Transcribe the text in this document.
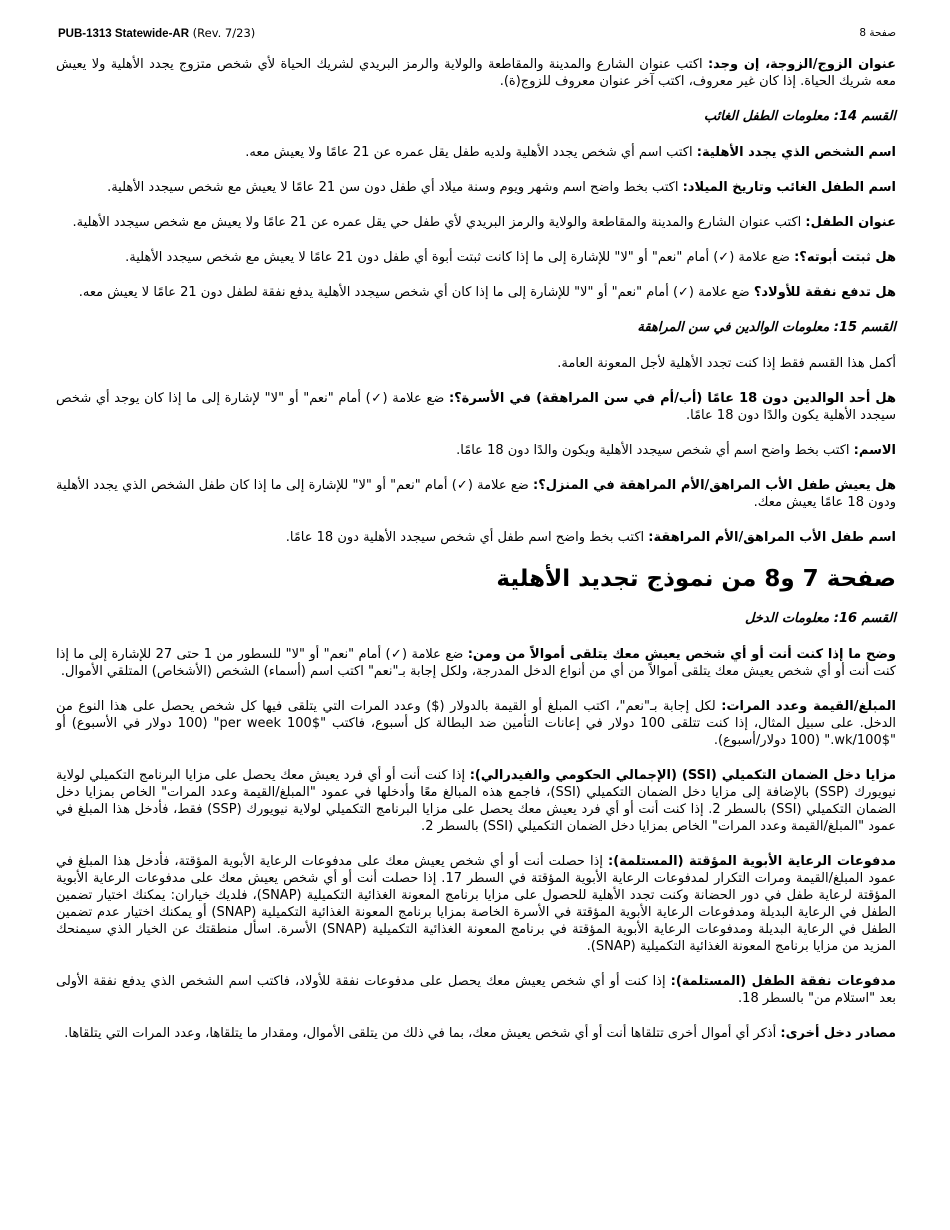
PUB-1313 Statewide-AR (Rev. 7/23)	صفحة 8

عنوان الزوج/الزوجة، إن وجد: اكتب عنوان الشارع والمدينة والمقاطعة والولاية والرمز البريدي لشريك الحياة لأي شخص متزوج يجدد الأهلية ولا يعيش معه شريك الحياة. إذا كان غير معروف، اكتب آخر عنوان معروف للزوج(ة).

القسم 14: معلومات الطفل الغائب

اسم الشخص الذي يجدد الأهلية: اكتب اسم أي شخص يجدد الأهلية ولديه طفل يقل عمره عن 21 عامًا ولا يعيش معه.

اسم الطفل الغائب وتاريخ الميلاد: اكتب بخط واضح اسم وشهر ويوم وسنة ميلاد أي طفل دون سن 21 عامًا لا يعيش مع شخص سيجدد الأهلية.

عنوان الطفل: اكتب عنوان الشارع والمدينة والمقاطعة والولاية والرمز البريدي لأي طفل حي يقل عمره عن 21 عامًا ولا يعيش مع شخص سيجدد الأهلية.

هل ثبتت أبوته؟: ضع علامة (✓) أمام "نعم" أو "لا" للإشارة إلى ما إذا كانت ثبتت أبوة أي طفل دون 21 عامًا لا يعيش مع شخص سيجدد الأهلية.

هل تدفع نفقة للأولاد؟ ضع علامة (✓) أمام "نعم" أو "لا" للإشارة إلى ما إذا كان أي شخص سيجدد الأهلية يدفع نفقة لطفل دون 21 عامًا لا يعيش معه.

القسم 15: معلومات الوالدين في سن المراهقة

أكمل هذا القسم فقط إذا كنت تجدد الأهلية لأجل المعونة العامة.

هل أحد الوالدين دون 18 عامًا (أب/أم في سن المراهقة) في الأسرة؟: ضع علامة (✓) أمام "نعم" أو "لا" لإشارة إلى ما إذا كان يوجد أي شخص سيجدد الأهلية يكون والدًا دون 18 عامًا.

الاسم: اكتب بخط واضح اسم أي شخص سيجدد الأهلية ويكون والدًا دون 18 عامًا.

هل يعيش طفل الأب المراهق/الأم المراهقة في المنزل؟: ضع علامة (✓) أمام "نعم" أو "لا" للإشارة إلى ما إذا كان طفل الشخص الذي يجدد الأهلية ودون 18 عامًا يعيش معك.

اسم طفل الأب المراهق/الأم المراهقة: اكتب بخط واضح اسم طفل أي شخص سيجدد الأهلية دون 18 عامًا.

صفحة 7 و8 من نموذج تجديد الأهلية
القسم 16: معلومات الدخل

وضح ما إذا كنت أنت أو أي شخص يعيش معك يتلقى أموالاً من ومن: ضع علامة (✓) أمام "نعم" أو "لا" للسطور من 1 حتى 27 للإشارة إلى ما إذا كنت أنت أو أي شخص يعيش معك يتلقى أموالاً من أي من أنواع الدخل المدرجة، ولكل إجابة بـ"نعم" اكتب اسم (أسماء) الشخص (الأشخاص) المتلقي الأموال.

المبلغ/القيمة وعدد المرات: لكل إجابة بـ"نعم"، اكتب المبلغ أو القيمة بالدولار ($) وعدد المرات التي يتلقى فيها كل شخص يحصل على هذا النوع من الدخل. على سبيل المثال، إذا كنت تتلقى 100 دولار في إعانات التأمين ضد البطالة كل أسبوع، فاكتب "$100 per week" (100 دولار في الأسبوع) أو "$100/wk." (100 دولار/أسبوع).

مزايا دخل الضمان التكميلي (SSI) (الإجمالي الحكومي والفيدرالي): إذا كنت أنت أو أي فرد يعيش معك يحصل على مزايا البرنامج التكميلي لولاية نيويورك (SSP) بالإضافة إلى مزايا دخل الضمان التكميلي (SSI)، فاجمع هذه المبالغ معًا وأدخلها في عمود "المبلغ/القيمة وعدد المرات" الخاص بمزايا دخل الضمان التكميلي (SSI) بالسطر 2. إذا كنت أنت أو أي فرد يعيش معك يحصل على مزايا البرنامج التكميلي لولاية نيويورك (SSP) فقط، فأدخل هذا المبلغ في عمود "المبلغ/القيمة وعدد المرات" الخاص بمزايا دخل الضمان التكميلي (SSI) بالسطر 2.

مدفوعات الرعاية الأبوية المؤقتة (المستلمة): إذا حصلت أنت أو أي شخص يعيش معك على مدفوعات الرعاية الأبوية المؤقتة، فأدخل هذا المبلغ في عمود المبلغ/القيمة ومرات التكرار لمدفوعات الرعاية الأبوية المؤقتة في السطر 17. إذا حصلت أنت أو أي شخص يعيش معك على مدفوعات الرعاية الأبوية المؤقتة لرعاية طفل في دور الحضانة وكنت تجدد الأهلية للحصول على مزايا برنامج المعونة الغذائية التكميلية (SNAP)، فلديك خياران: يمكنك اختيار تضمين الطفل في الرعاية البديلة ومدفوعات الرعاية الأبوية المؤقتة في الأسرة الخاصة بمزايا برنامج المعونة الغذائية التكميلية (SNAP) أو يمكنك اختيار عدم تضمين الطفل في الرعاية البديلة ومدفوعات الرعاية الأبوية المؤقتة في برنامج المعونة الغذائية التكميلية (SNAP) الأسرة. اسأل منطقتك عن الخيار الذي سيمنحك المزيد من مزايا برنامج المعونة الغذائية التكميلية (SNAP).

مدفوعات نفقة الطفل (المستلمة): إذا كنت أو أي شخص يعيش معك يحصل على مدفوعات نفقة للأولاد، فاكتب اسم الشخص الذي يدفع نفقة الأولى بعد "استلام من" بالسطر 18.

مصادر دخل أخرى: أذكر أي أموال أخرى تتلقاها أنت أو أي شخص يعيش معك، بما في ذلك من يتلقى الأموال، ومقدار ما يتلقاها، وعدد المرات التي يتلقاها.
